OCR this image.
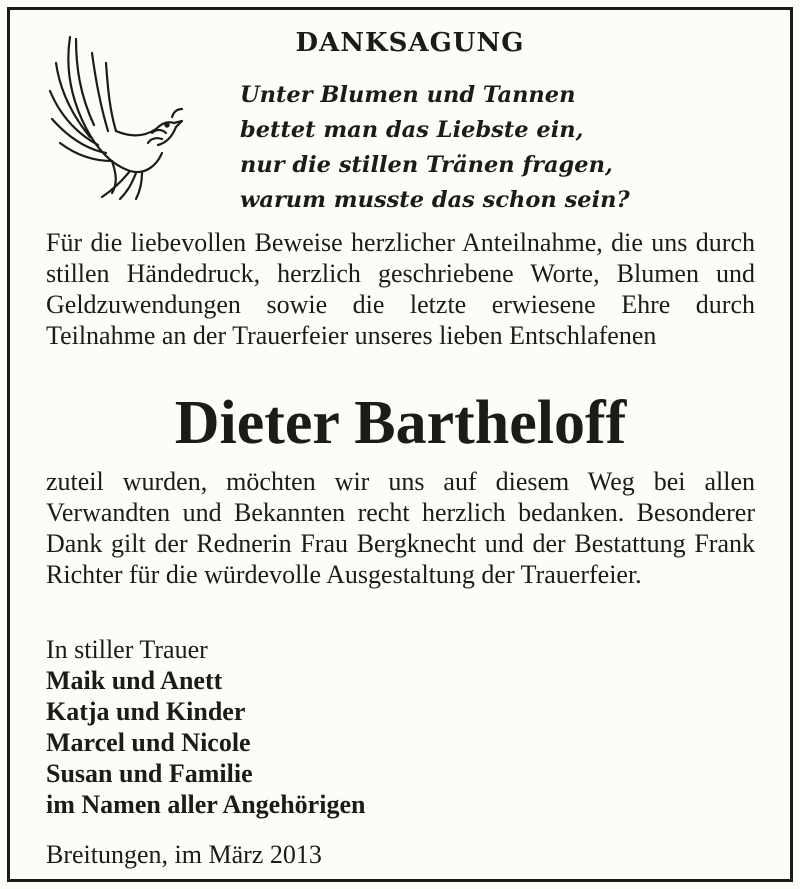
DANKSAGUNG
Unter Blumen und Tannen
bettet man das Liebste ein,
nur die stillen Tränen fragen,
warum musste das schon sein?
Für die liebevollen Beweise herzlicher Anteilnahme, die uns durch stillen Händedruck, herzlich geschriebene Worte, Blumen und Geldzuwendungen sowie die letzte erwiesene Ehre durch Teilnahme an der Trauerfeier unseres lieben Entschlafenen
Dieter Bartheloff
zuteil wurden, möchten wir uns auf diesem Weg bei allen Verwandten und Bekannten recht herzlich bedanken. Besonderer Dank gilt der Rednerin Frau Bergknecht und der Bestattung Frank Richter für die würdevolle Ausgestaltung der Trauerfeier.
In stiller Trauer
Maik und Anett
Katja und Kinder
Marcel und Nicole
Susan und Familie
im Namen aller Angehörigen
Breitungen, im März 2013
